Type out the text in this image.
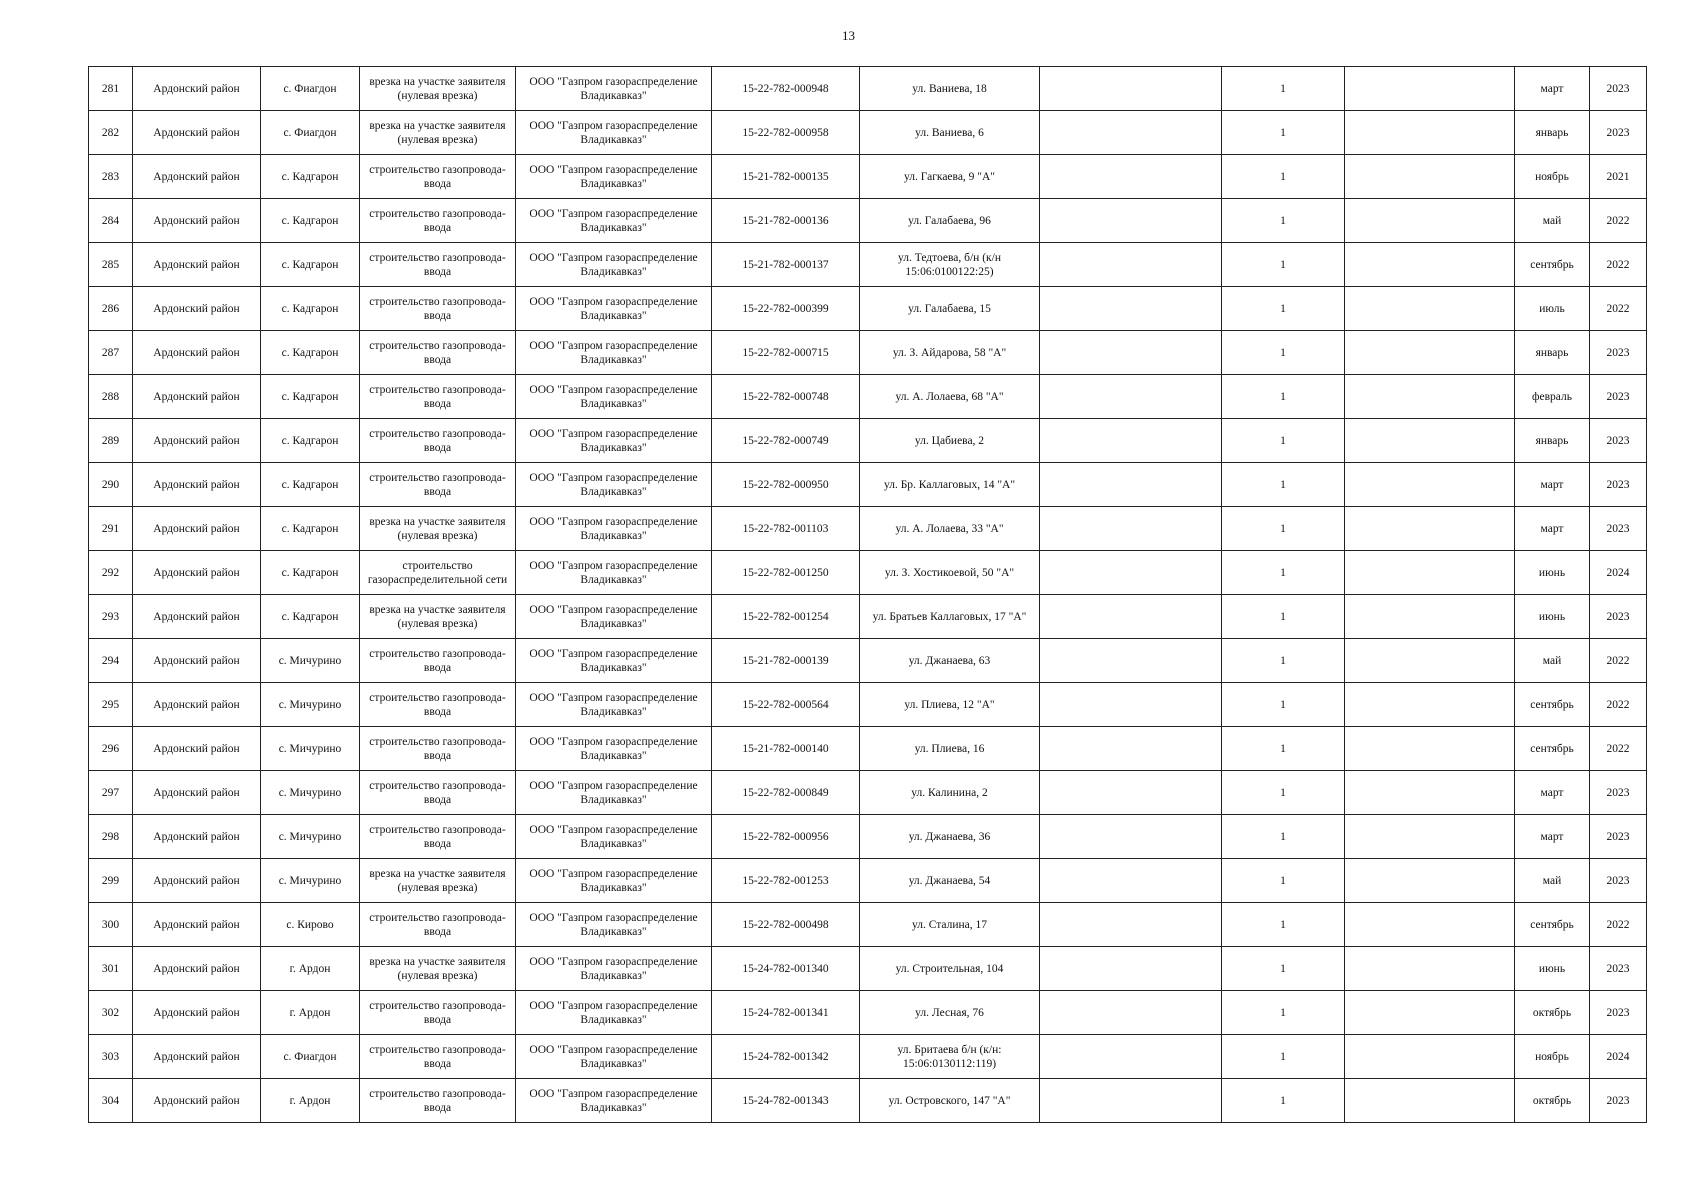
13
281	Ардонский район	с. Фиагдон	врезка на участке заявителя (нулевая врезка)	ООО "Газпром газораспределение Владикавказ"	15-22-782-000948	ул. Ваниева, 18		1		март	2023
282	Ардонский район	с. Фиагдон	врезка на участке заявителя (нулевая врезка)	ООО "Газпром газораспределение Владикавказ"	15-22-782-000958	ул. Ваниева, 6		1		январь	2023
283	Ардонский район	с. Кадгарон	строительство газопровода-ввода	ООО "Газпром газораспределение Владикавказ"	15-21-782-000135	ул. Гагкаева, 9 "А"		1		ноябрь	2021
284	Ардонский район	с. Кадгарон	строительство газопровода-ввода	ООО "Газпром газораспределение Владикавказ"	15-21-782-000136	ул. Галабаева, 96		1		май	2022
285	Ардонский район	с. Кадгарон	строительство газопровода-ввода	ООО "Газпром газораспределение Владикавказ"	15-21-782-000137	ул. Тедтоева, б/н (к/н 15:06:0100122:25)		1		сентябрь	2022
286	Ардонский район	с. Кадгарон	строительство газопровода-ввода	ООО "Газпром газораспределение Владикавказ"	15-22-782-000399	ул. Галабаева, 15		1		июль	2022
287	Ардонский район	с. Кадгарон	строительство газопровода-ввода	ООО "Газпром газораспределение Владикавказ"	15-22-782-000715	ул. З. Айдарова, 58 "А"		1		январь	2023
288	Ардонский район	с. Кадгарон	строительство газопровода-ввода	ООО "Газпром газораспределение Владикавказ"	15-22-782-000748	ул. А. Лолаева, 68 "А"		1		февраль	2023
289	Ардонский район	с. Кадгарон	строительство газопровода-ввода	ООО "Газпром газораспределение Владикавказ"	15-22-782-000749	ул. Цабиева, 2		1		январь	2023
290	Ардонский район	с. Кадгарон	строительство газопровода-ввода	ООО "Газпром газораспределение Владикавказ"	15-22-782-000950	ул. Бр. Каллаговых, 14 "А"		1		март	2023
291	Ардонский район	с. Кадгарон	врезка на участке заявителя (нулевая врезка)	ООО "Газпром газораспределение Владикавказ"	15-22-782-001103	ул. А. Лолаева, 33 "А"		1		март	2023
292	Ардонский район	с. Кадгарон	строительство газораспределительной сети	ООО "Газпром газораспределение Владикавказ"	15-22-782-001250	ул. З. Хостикоевой, 50 "А"		1		июнь	2024
293	Ардонский район	с. Кадгарон	врезка на участке заявителя (нулевая врезка)	ООО "Газпром газораспределение Владикавказ"	15-22-782-001254	ул. Братьев Каллаговых, 17 "А"		1		июнь	2023
294	Ардонский район	с. Мичурино	строительство газопровода-ввода	ООО "Газпром газораспределение Владикавказ"	15-21-782-000139	ул. Джанаева, 63		1		май	2022
295	Ардонский район	с. Мичурино	строительство газопровода-ввода	ООО "Газпром газораспределение Владикавказ"	15-22-782-000564	ул. Плиева, 12 "А"		1		сентябрь	2022
296	Ардонский район	с. Мичурино	строительство газопровода-ввода	ООО "Газпром газораспределение Владикавказ"	15-21-782-000140	ул. Плиева, 16		1		сентябрь	2022
297	Ардонский район	с. Мичурино	строительство газопровода-ввода	ООО "Газпром газораспределение Владикавказ"	15-22-782-000849	ул. Калинина, 2		1		март	2023
298	Ардонский район	с. Мичурино	строительство газопровода-ввода	ООО "Газпром газораспределение Владикавказ"	15-22-782-000956	ул. Джанаева, 36		1		март	2023
299	Ардонский район	с. Мичурино	врезка на участке заявителя (нулевая врезка)	ООО "Газпром газораспределение Владикавказ"	15-22-782-001253	ул. Джанаева, 54		1		май	2023
300	Ардонский район	с. Кирово	строительство газопровода-ввода	ООО "Газпром газораспределение Владикавказ"	15-22-782-000498	ул. Сталина, 17		1		сентябрь	2022
301	Ардонский район	г. Ардон	врезка на участке заявителя (нулевая врезка)	ООО "Газпром газораспределение Владикавказ"	15-24-782-001340	ул. Строительная, 104		1		июнь	2023
302	Ардонский район	г. Ардон	строительство газопровода-ввода	ООО "Газпром газораспределение Владикавказ"	15-24-782-001341	ул. Лесная, 76		1		октябрь	2023
303	Ардонский район	с. Фиагдон	строительство газопровода-ввода	ООО "Газпром газораспределение Владикавказ"	15-24-782-001342	ул. Бритаева б/н (к/н: 15:06:0130112:119)		1		ноябрь	2024
304	Ардонский район	г. Ардон	строительство газопровода-ввода	ООО "Газпром газораспределение Владикавказ"	15-24-782-001343	ул. Островского, 147 "А"		1		октябрь	2023
